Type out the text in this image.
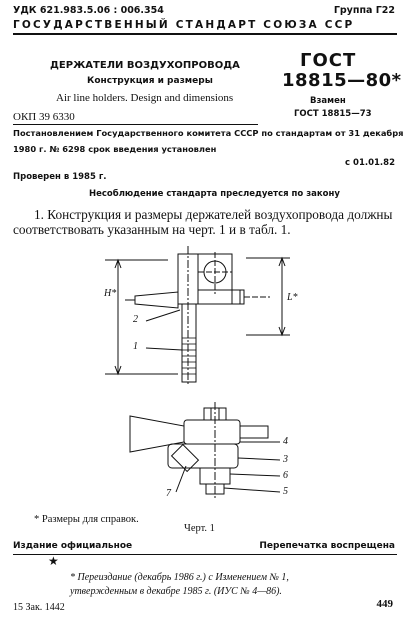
УДК 621.983.5.06 : 006.354	Группа Г22
ГОСУДАРСТВЕННЫЙ СТАНДАРТ СОЮЗА ССР
ДЕРЖАТЕЛИ ВОЗДУХОПРОВОДА
Конструкция и размеры
Air line holders. Design and dimensions
ОКП 39 6330
ГОСТ
18815—80*
Взамен
ГОСТ 18815—73
Постановлением Государственного комитета СССР по стандартам от 31 декабря
1980 г. № 6298 срок введения установлен
с 01.01.82
Проверен в 1985 г.
Несоблюдение стандарта преследуется по закону
1. Конструкция и размеры держателей воздухопровода должны
соответствовать указанным на черт. 1 и в табл. 1.
H*	L*
2
1
4
3
6
5
7
* Размеры для справок.
Черт. 1
Издание официальное	Перепечатка воспрещена
★
* Переиздание (декабрь 1986 г.) с Изменением № 1,
утвержденным в декабре 1985 г. (ИУС № 4—86).
15 Зак. 1442	449
